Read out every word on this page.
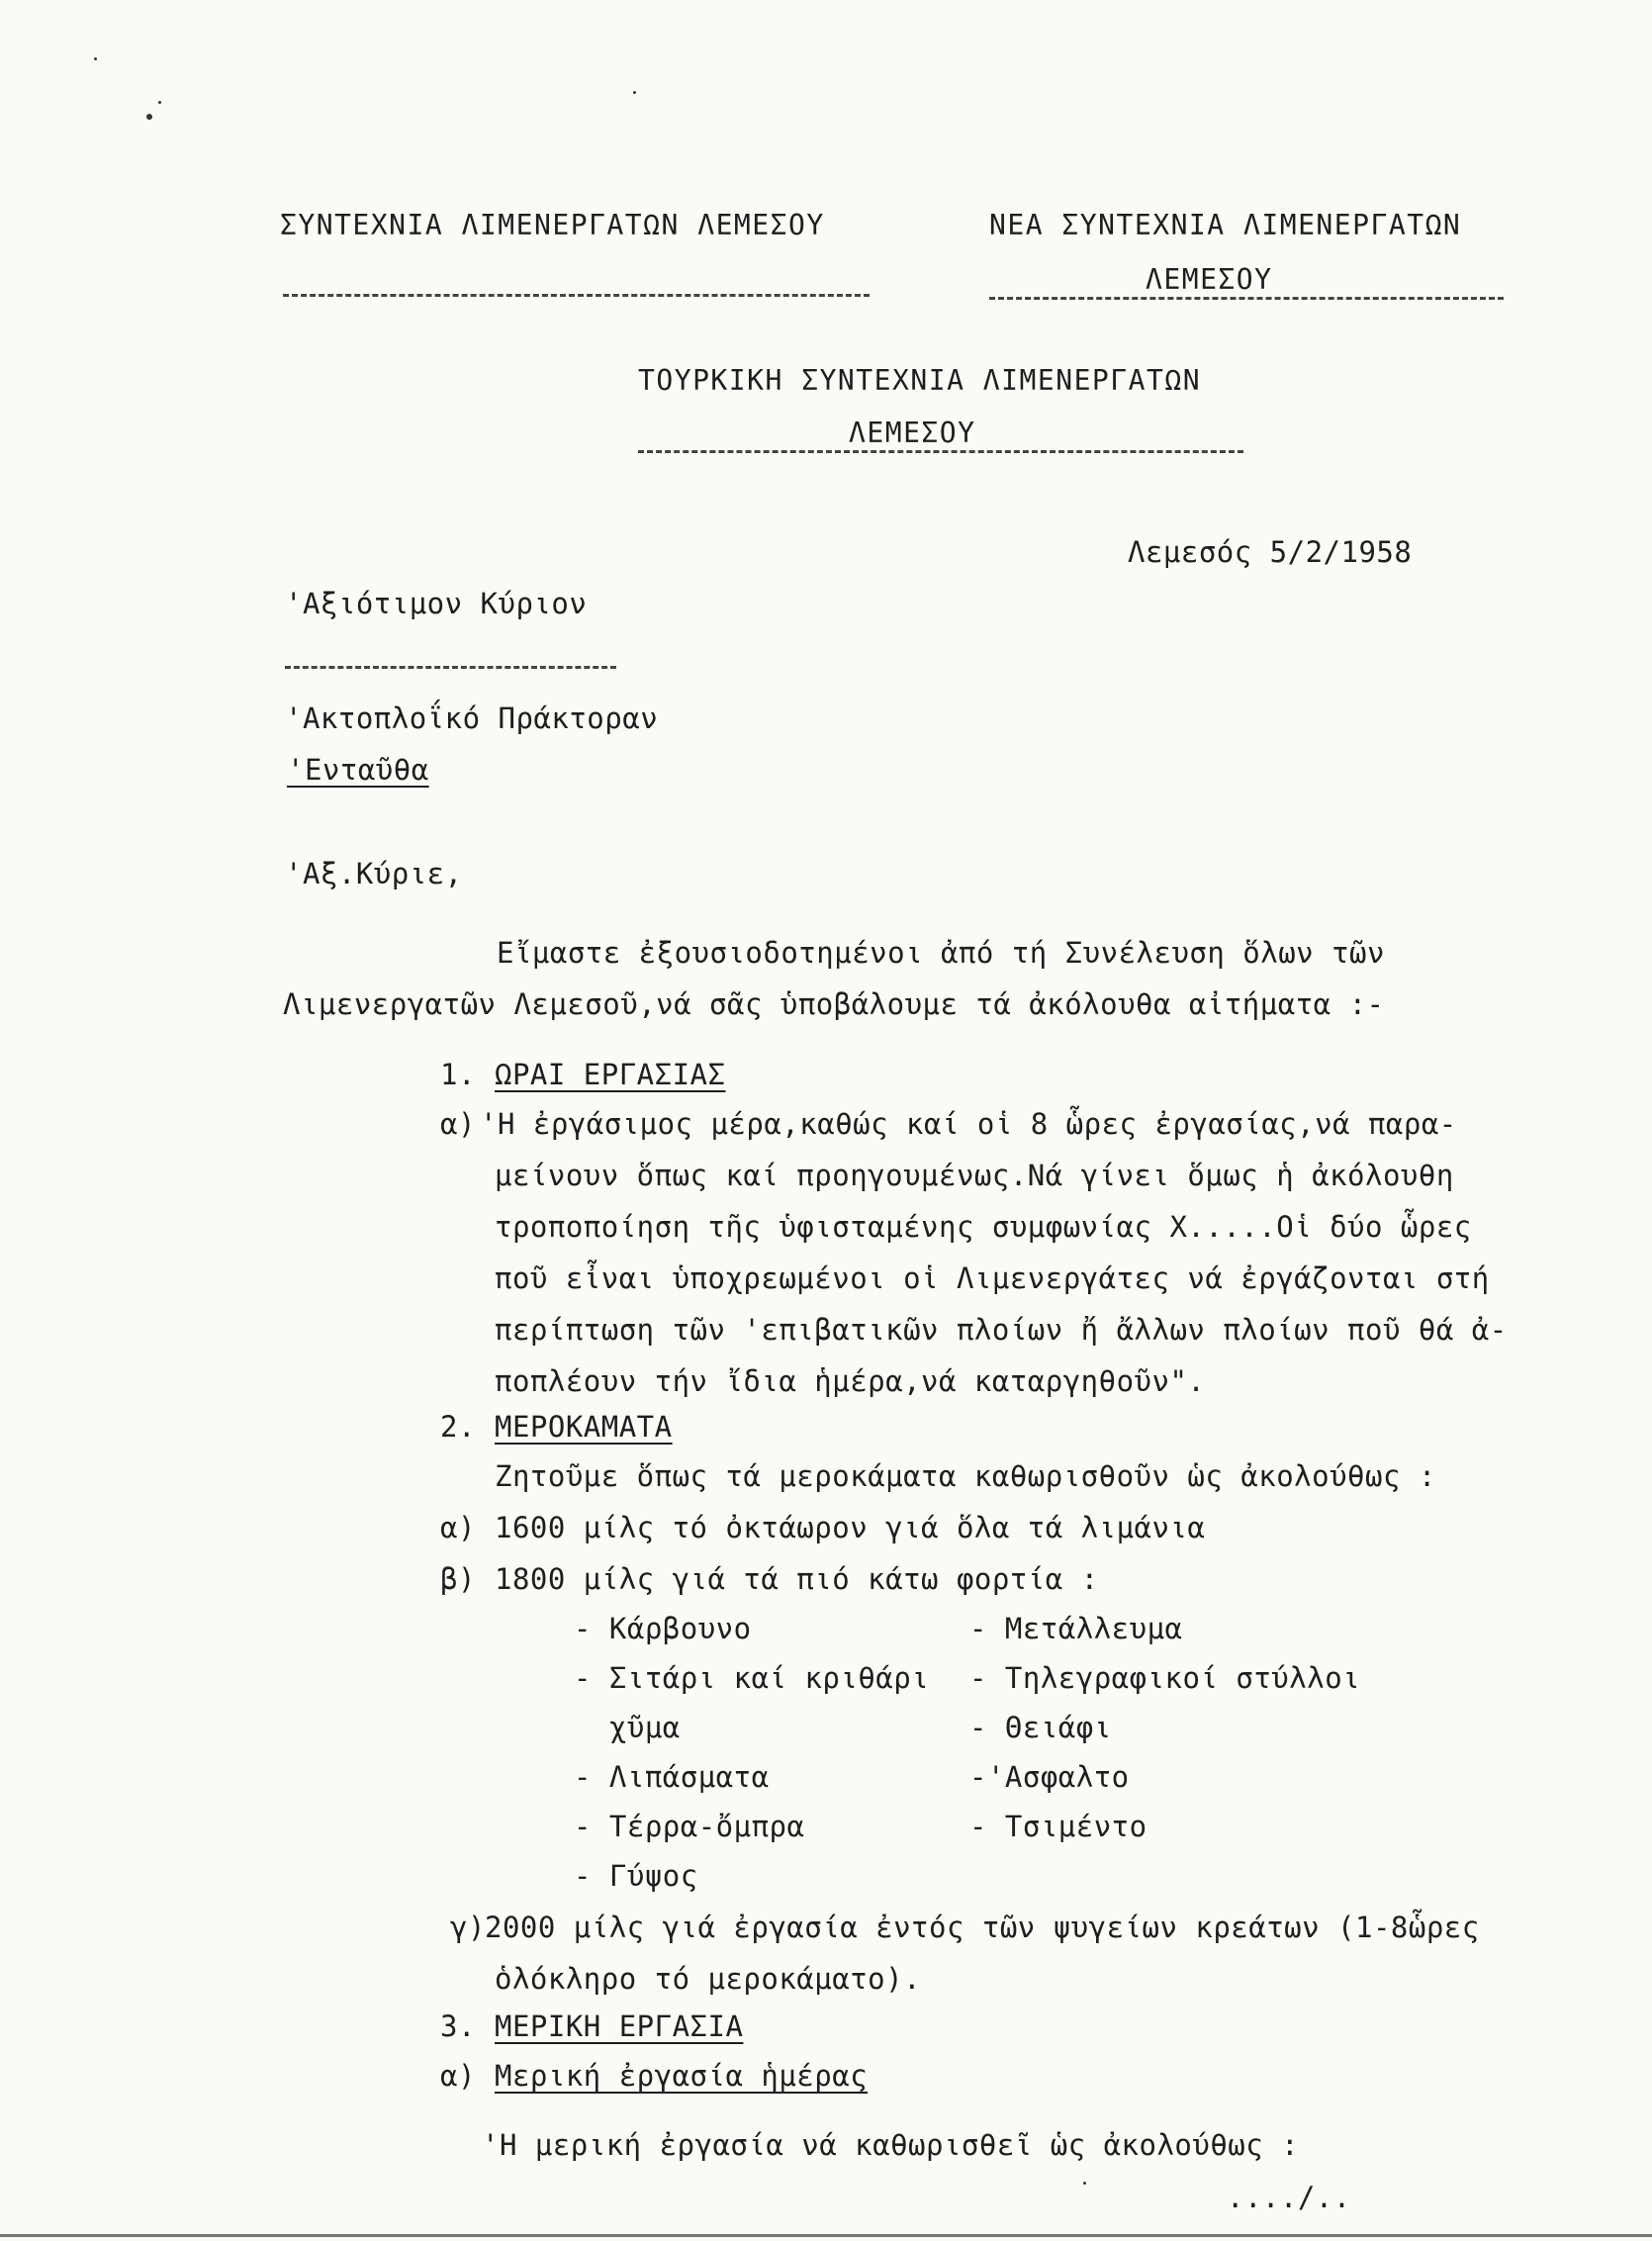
ΣΥΝΤΕΧΝΙΑ ΛΙΜΕΝΕΡΓΑΤΩΝ ΛΕΜΕΣΟΥ	ΝΕΑ ΣΥΝΤΕΧΝΙΑ ΛΙΜΕΝΕΡΓΑΤΩΝ
ΛΕΜΕΣΟΥ
ΤΟΥΡΚΙΚΗ ΣΥΝΤΕΧΝΙΑ ΛΙΜΕΝΕΡΓΑΤΩΝ
ΛΕΜΕΣΟΥ
Λεμεσός 5/2/1958
'Αξιότιμον Κύριον
'Ακτοπλοΐκό Πράκτοραν
'Ενταῦθα
'Αξ.Κύριε,
Εἴμαστε ἐξουσιοδοτημένοι ἀπό τή Συνέλευση ὅλων τῶν
Λιμενεργατῶν Λεμεσοῦ,νά σᾶς ὑποβάλουμε τά ἀκόλουθα αἰτήματα :-
1. ΩΡΑΙ ΕΡΓΑΣΙΑΣ
α) 'Η ἐργάσιμος μέρα,καθώς καί οἱ 8 ὧρες ἐργασίας,νά παρα-
μείνουν ὅπως καί προηγουμένως.Νά γίνει ὅμως ἡ ἀκόλουθη
τροποποίηση τῆς ὑφισταμένης συμφωνίας Χ.....Οἱ δύο ὧρες
ποῦ εἶναι ὑποχρεωμένοι οἱ Λιμενεργάτες νά ἐργάζονται στή
περίπτωση τῶν 'επιβατικῶν πλοίων ἤ ἄλλων πλοίων ποῦ θά ἀ-
ποπλέουν τήν ἴδια ἡμέρα,νά καταργηθοῦν".
2. ΜΕΡΟΚΑΜΑΤΑ
Ζητοῦμε ὅπως τά μεροκάματα καθωρισθοῦν ὡς ἀκολούθως :
α) 1600 μίλς τό ὀκτάωρον γιά ὅλα τά λιμάνια
β) 1800 μίλς γιά τά πιό κάτω φορτία :
- Κάρβουνο
- Σιτάρι καί κριθάρι
χῦμα
- Λιπάσματα
- Τέρρα-ὄμπρα
- Γύψος
- Μετάλλευμα
- Τηλεγραφικοί στύλλοι
- Θειάφι
-'Ασφαλτο
- Τσιμέντο
γ) 2000 μίλς γιά ἐργασία ἐντός τῶν ψυγείων κρεάτων (1-8ὧρες
ὁλόκληρο τό μεροκάματο).
3. ΜΕΡΙΚΗ ΕΡΓΑΣΙΑ
α) Μερική ἐργασία ἡμέρας
'Η μερική ἐργασία νά καθωρισθεῖ ὡς ἀκολούθως :
..../..
